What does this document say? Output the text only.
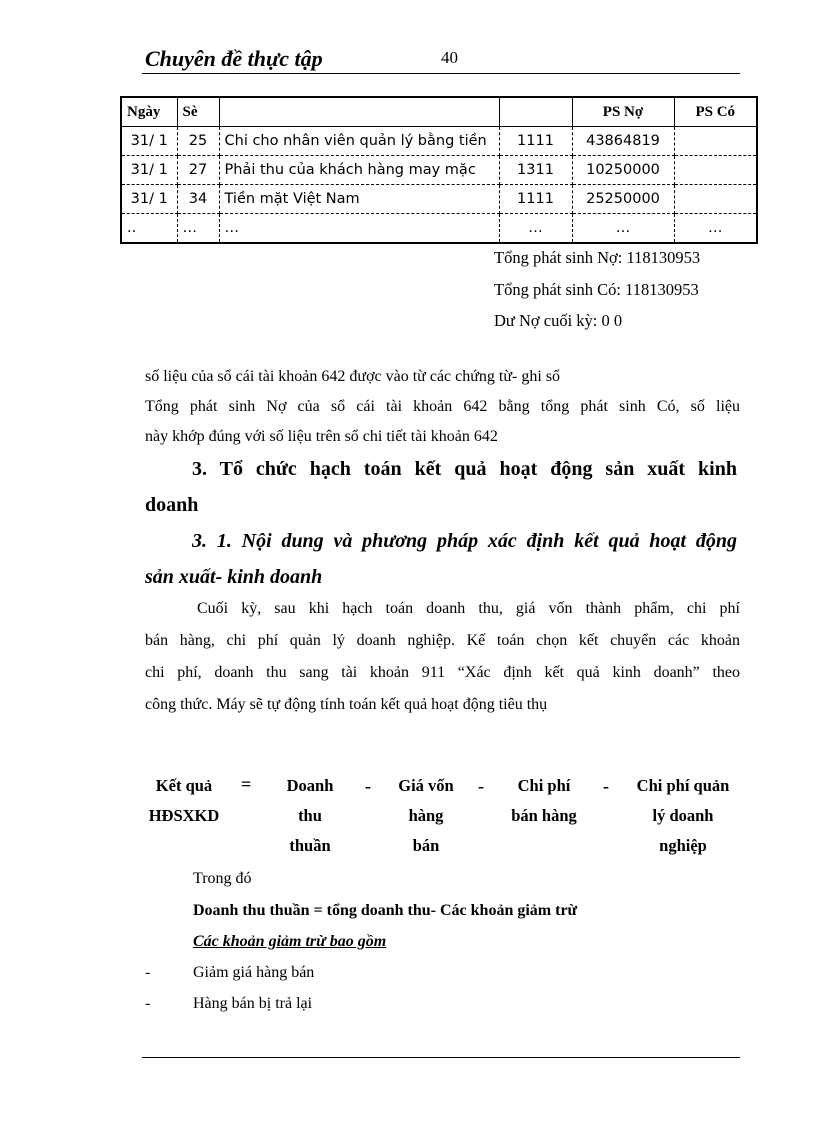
Chuyên đề thực tập	40
Ngày	Sè			PS Nợ	PS Có
31/ 1	25	Chi cho nhân viên quản lý bằng tiền	1111	43864819	
31/ 1	27	Phải thu của khách hàng may mặc	1311	10250000	
31/ 1	34	Tiền mặt Việt Nam	1111	25250000	
..	…	…	…	…	…
Tổng phát sinh Nợ: 118130953
Tổng phát sinh Có: 118130953
Dư Nợ cuối kỳ: 0 0
số liệu của sổ cái tài khoản 642 được vào từ các chứng từ- ghi sổ
Tổng phát sinh Nợ của sổ cái tài khoản 642 bằng tổng phát sinh Có, số liệu
này khớp đúng với số liệu trên sổ chi tiết tài khoản 642
3. Tổ chức hạch toán kết quả hoạt động sản xuất kinh
doanh
3. 1. Nội dung và phương pháp xác định kết quả hoạt động
sản xuất- kinh doanh
Cuối kỳ, sau khi hạch toán doanh thu, giá vốn thành phẩm, chi phí
bán hàng, chi phí quản lý doanh nghiệp. Kế toán chọn kết chuyển các khoản
chi phí, doanh thu sang tài khoản 911 “Xác định kết quả kinh doanh” theo
công thức. Máy sẽ tự động tính toán kết quả hoạt động tiêu thụ
Kết quả
HĐSXKD
=	Doanh
thu
thuần
-	Giá vốn
hàng
bán
-	Chi phí
bán hàng
-	Chi phí quản
lý doanh
nghiệp
Trong đó
Doanh thu thuần = tổng doanh thu- Các khoản giảm trừ
Các khoản giảm trừ bao gồm
-	Giảm giá hàng bán
-	Hàng bán bị trả lại
